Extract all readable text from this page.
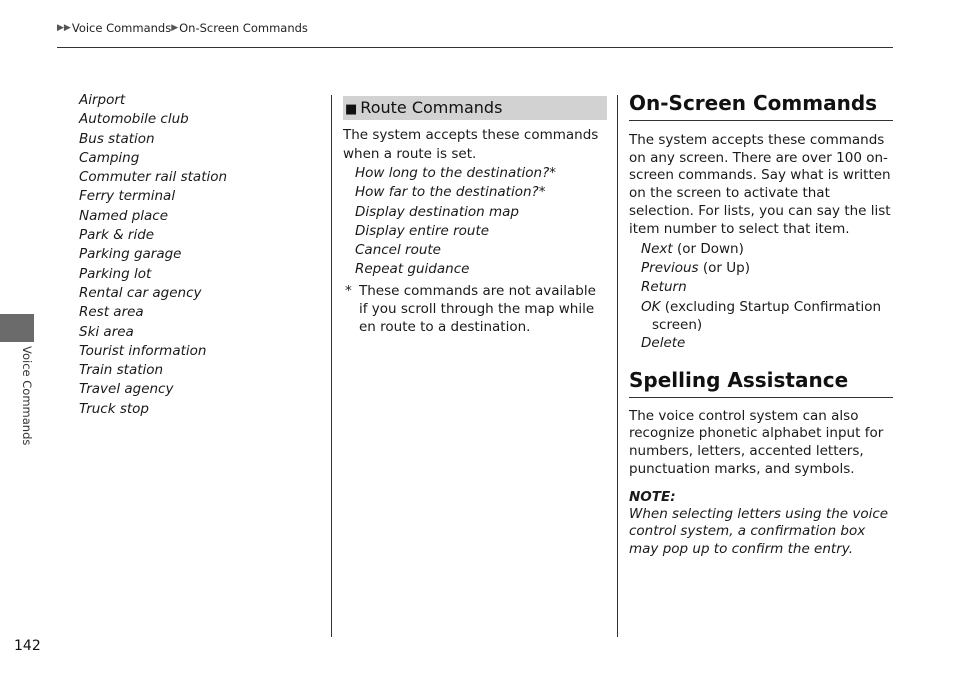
▶▶ Voice Commands ▶ On-Screen Commands
Voice Commands
142
Airport
Automobile club
Bus station
Camping
Commuter rail station
Ferry terminal
Named place
Park & ride
Parking garage
Parking lot
Rental car agency
Rest area
Ski area
Tourist information
Train station
Travel agency
Truck stop
■ Route Commands
The system accepts these commands when a route is set.
How long to the destination?*
How far to the destination?*
Display destination map
Display entire route
Cancel route
Repeat guidance
* These commands are not available if you scroll through the map while en route to a destination.
On-Screen Commands
The system accepts these commands on any screen. There are over 100 on-screen commands. Say what is written on the screen to activate that selection. For lists, you can say the list item number to select that item.
Next (or Down)
Previous (or Up)
Return
OK (excluding Startup Confirmation
screen)
Delete
Spelling Assistance
The voice control system can also recognize phonetic alphabet input for numbers, letters, accented letters, punctuation marks, and symbols.
NOTE:
When selecting letters using the voice control system, a confirmation box may pop up to confirm the entry.
